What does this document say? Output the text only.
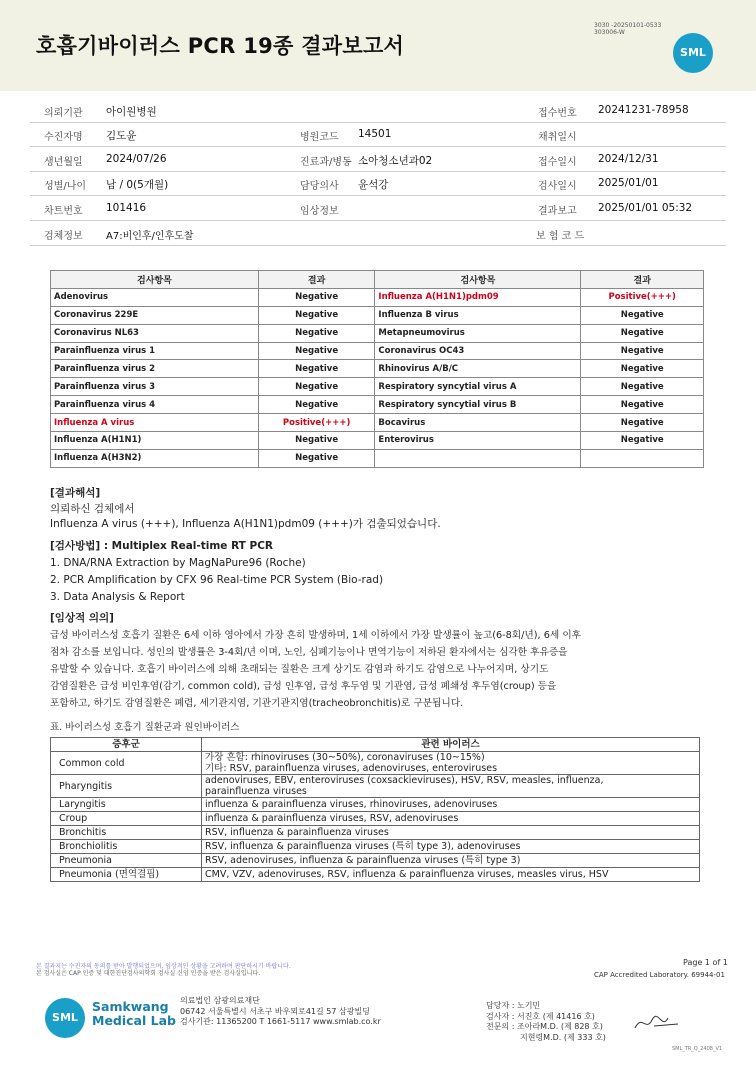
호흡기바이러스 PCR 19종 결과보고서
3030 -20250101-0533
303006-W
SML
의뢰기관 아이원병원	접수번호 20241231-78958
수진자명 김도윤	병원코드 14501	채취일시
생년월일 2024/07/26	진료과/병동 소아청소년과02	접수일시 2024/12/31
성별/나이 남 / 0(5개월)	담당의사 윤석강	검사일시 2025/01/01
차트번호 101416	임상정보	결과보고 2025/01/01 05:32
검체정보 A7:비인후/인후도찰	보 험 코 드
검사항목	결과	검사항목	결과
Adenovirus	Negative	Influenza A(H1N1)pdm09	Positive(+++)
Coronavirus 229E	Negative	Influenza B virus	Negative
Coronavirus NL63	Negative	Metapneumovirus	Negative
Parainfluenza virus 1	Negative	Coronavirus OC43	Negative
Parainfluenza virus 2	Negative	Rhinovirus A/B/C	Negative
Parainfluenza virus 3	Negative	Respiratory syncytial virus A	Negative
Parainfluenza virus 4	Negative	Respiratory syncytial virus B	Negative
Influenza A virus	Positive(+++)	Bocavirus	Negative
Influenza A(H1N1)	Negative	Enterovirus	Negative
Influenza A(H3N2)	Negative		
[결과해석]
의뢰하신 검체에서
Influenza A virus (+++), Influenza A(H1N1)pdm09 (+++)가 검출되었습니다.
[검사방법] : Multiplex Real-time RT PCR
1. DNA/RNA Extraction by MagNaPure96 (Roche)
2. PCR Amplification by CFX 96 Real-time PCR System (Bio-rad)
3. Data Analysis & Report
[임상적 의의]
급성 바이러스성 호흡기 질환은 6세 이하 영아에서 가장 흔히 발생하며, 1세 이하에서 가장 발생률이 높고(6-8회/년), 6세 이후
점차 감소를 보입니다. 성인의 발생률은 3-4회/년 이며, 노인, 심폐기능이나 면역기능이 저하된 환자에서는 심각한 후유증을
유발할 수 있습니다. 호흡기 바이러스에 의해 초래되는 질환은 크게 상기도 감염과 하기도 감염으로 나누어지며, 상기도
감염질환은 급성 비인후염(감기, common cold), 급성 인후염, 급성 후두염 및 기관염, 급성 폐쇄성 후두염(croup) 등을
포함하고, 하기도 감염질환은 폐렴, 세기관지염, 기관기관지염(tracheobronchitis)로 구분됩니다.
표. 바이러스성 호흡기 질환군과 원인바이러스
증후군	관련 바이러스
Common cold	가장 흔함: rhinoviruses (30~50%), coronaviruses (10~15%)
기타: RSV, parainfluenza viruses, adenoviruses, enteroviruses

Pharyngitis	adenoviruses, EBV, enteroviruses (coxsackieviruses), HSV, RSV, measles, influenza,
parainfluenza viruses

Laryngitis	influenza & parainfluenza viruses, rhinoviruses, adenoviruses

Croup	influenza & parainfluenza viruses, RSV, adenoviruses

Bronchitis	RSV, influenza & parainfluenza viruses

Bronchiolitis	RSV, influenza & parainfluenza viruses (특히 type 3), adenoviruses

Pneumonia	RSV, adenoviruses, influenza & parainfluenza viruses (특히 type 3)

Pneumonia (면역결핍)	CMV, VZV, adenoviruses, RSV, influenza & parainfluenza viruses, measles virus, HSV
본 결과지는 수진자의 동의를 받아 발행되었으며, 임상적인 상황을 고려하여 판단하시기 바랍니다.
본 검사실은 CAP 인증 및 대한진단검사의학회 검사실 신임 인증을 받은 검사실입니다.
Page 1 of 1
CAP Accredited Laboratory. 69944-01
SML
Samkwang
Medical Lab
의료법인 삼광의료재단
06742 서울특별시 서초구 바우뫼로41길 57 삼광빌딩
검사기관: 11365200 T 1661-5117 www.smlab.co.kr
담당자 : 노기민
검사자 : 서진호 (제 41416 호)
전문의 : 조아라M.D. (제 828 호)
지현령M.D. (제 333 호)
SML_TR_Q_2408_V1
